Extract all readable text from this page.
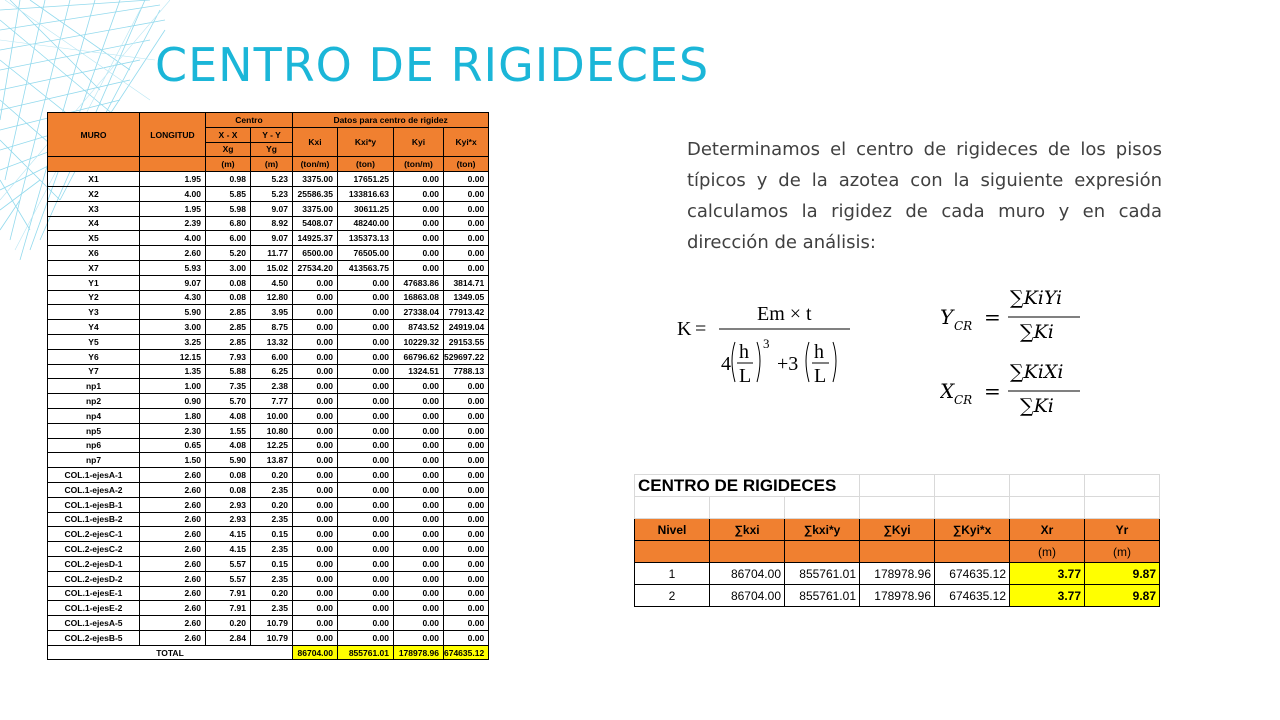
CENTRO DE RIGIDECES
MURO	LONGITUD	Centro		Datos para centro de rigidez			
		X - X	Y - Y	Kxi	Kxi*y	Kyi	Kyi*x
		Xg	Yg				
		(m)	(m)	(ton/m)	(ton)	(ton/m)	(ton)
X1	1.95	0.98	5.23	3375.00	17651.25	0.00	0.00
X2	4.00	5.85	5.23	25586.35	133816.63	0.00	0.00
X3	1.95	5.98	9.07	3375.00	30611.25	0.00	0.00
X4	2.39	6.80	8.92	5408.07	48240.00	0.00	0.00
X5	4.00	6.00	9.07	14925.37	135373.13	0.00	0.00
X6	2.60	5.20	11.77	6500.00	76505.00	0.00	0.00
X7	5.93	3.00	15.02	27534.20	413563.75	0.00	0.00
Y1	9.07	0.08	4.50	0.00	0.00	47683.86	3814.71
Y2	4.30	0.08	12.80	0.00	0.00	16863.08	1349.05
Y3	5.90	2.85	3.95	0.00	0.00	27338.04	77913.42
Y4	3.00	2.85	8.75	0.00	0.00	8743.52	24919.04
Y5	3.25	2.85	13.32	0.00	0.00	10229.32	29153.55
Y6	12.15	7.93	6.00	0.00	0.00	66796.62	529697.22
Y7	1.35	5.88	6.25	0.00	0.00	1324.51	7788.13
np1	1.00	7.35	2.38	0.00	0.00	0.00	0.00
np2	0.90	5.70	7.77	0.00	0.00	0.00	0.00
np4	1.80	4.08	10.00	0.00	0.00	0.00	0.00
np5	2.30	1.55	10.80	0.00	0.00	0.00	0.00
np6	0.65	4.08	12.25	0.00	0.00	0.00	0.00
np7	1.50	5.90	13.87	0.00	0.00	0.00	0.00
COL.1-ejesA-1	2.60	0.08	0.20	0.00	0.00	0.00	0.00
COL.1-ejesA-2	2.60	0.08	2.35	0.00	0.00	0.00	0.00
COL.1-ejesB-1	2.60	2.93	0.20	0.00	0.00	0.00	0.00
COL.1-ejesB-2	2.60	2.93	2.35	0.00	0.00	0.00	0.00
COL.2-ejesC-1	2.60	4.15	0.15	0.00	0.00	0.00	0.00
COL.2-ejesC-2	2.60	4.15	2.35	0.00	0.00	0.00	0.00
COL.2-ejesD-1	2.60	5.57	0.15	0.00	0.00	0.00	0.00
COL.2-ejesD-2	2.60	5.57	2.35	0.00	0.00	0.00	0.00
COL.1-ejesE-1	2.60	7.91	0.20	0.00	0.00	0.00	0.00
COL.1-ejesE-2	2.60	7.91	2.35	0.00	0.00	0.00	0.00
COL.1-ejesA-5	2.60	0.20	10.79	0.00	0.00	0.00	0.00
COL.2-ejesB-5	2.60	2.84	10.79	0.00	0.00	0.00	0.00
TOTAL				86704.00	855761.01	178978.96	674635.12
Determinamos el centro de rigideces de los pisos típicos y de la azotea con la siguiente expresión calculamos la rigidez de cada muro y en cada dirección de análisis:
K =
Em × t
4
h
L
3
+3
h
L
Y CR =
∑KiYi
∑Ki
X CR =
∑KiXi
∑Ki
CENTRO DE RIGIDECES						

Nivel	∑kxi	∑kxi*y	∑Kyi	∑Kyi*x	Xr	Yr
					(m)	(m)
1	86704.00	855761.01	178978.96	674635.12	3.77	9.87
2	86704.00	855761.01	178978.96	674635.12	3.77	9.87
